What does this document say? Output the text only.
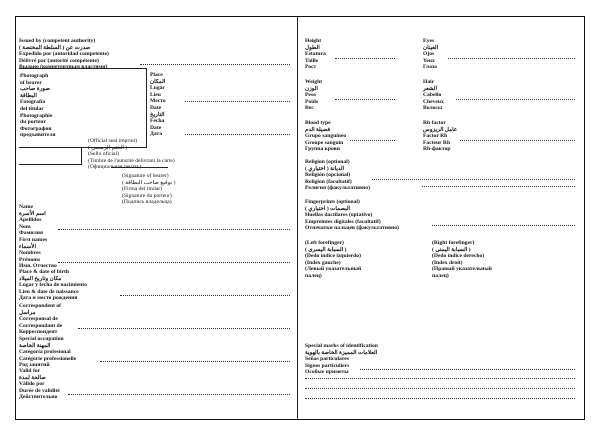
Issued by (competent authority)
صدرت عن ( السلطة المختصة )
Expedido por (autoridad competente)
Délivré par (autorité compétente)
Выдано (компетентным властями)
Photograph
of bearer
صورة صاحب
البطاقة
Fotografía
del titular
Photographie
du porteur
Фотография
предъявителя
Place
المكان
Lugar
Lieu
Место
Date
التاريخ
Fecha
Date
Дата
(Official seal imprint)
( الختم الرسمي )
(Sello oficial)
(Timbre de l'autorité délivrant la carte)
(Официальная печать)
(Signature of bearer)
( توقيع صاحب البطاقة )
(Firma del titular)
(Signature du porteur)
(Подпись владельца)
Name
اسم الأسرة
Apellidos
Nom
Фамилия
First names
الأسماء
Nombres
Prénoms
Имя, Отчество
Place & date of birth
مكان وتاريخ الميلاد
Lugar y fecha de nacimiento
Lieu & date de naissance
Дата и место рождения
Correspondent of
مراسل
Corresponsal de
Correspondant de
Корреспондент
Special occupation
المهنة الخاصة
Categoría profesional
Catégorie professionelle
Род занятий
Valid for
صالحة لمدة
Válido por
Durée de validité
Действительно
Height
الطول
Estatura
Taille
Рост
Eyes
العينان
Ojos
Yeux
Глаза
Weight
الوزن
Peso
Poids
Вес
Hair
الشعر
Cabello
Cheveux
Волосы
Blood type
فصيلة الدم
Grupo sanguíneo
Groupe sanguin
Группа крови
Rh factor
عامل الريزوس
Factor Rh
Facteur Rh
Rh-фактор
Religion (optional)
الديانة ( اختياري )
Religión (opcional)
Religion (facultatif)
Религия (факультативно)
Fingerprints (optional)
البصمات ( اختياري )
Huellas dactilares (optativo)
Empreintes digitales (facultatif)
Отпечатки пальцев (факультативно)
(Left forefinger)
( السبابة اليسرى )
(Dedo índice izquierdo)
(Index gauche)
(Левый указательный
палец)
(Right forefinger)
( السبابة اليمنى )
(Dedo índice derecho)
(Index droit)
(Правый указательный
палец)
Special marks of identification
العلامات المميزة الخاصة بالهوية
Señas particulares
Signes particuliers
Особые приметы
